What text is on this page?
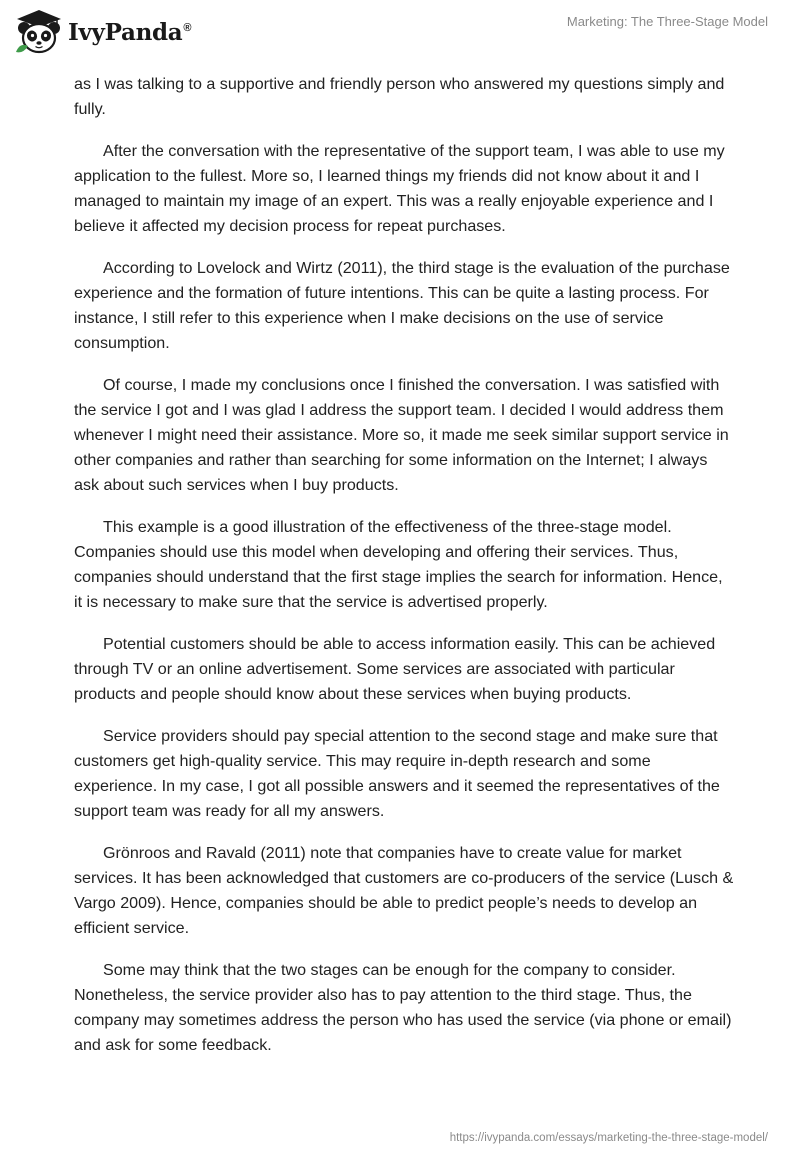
IvyPanda®	Marketing: The Three-Stage Model

as I was talking to a supportive and friendly person who answered my questions simply and fully.

After the conversation with the representative of the support team, I was able to use my application to the fullest. More so, I learned things my friends did not know about it and I managed to maintain my image of an expert. This was a really enjoyable experience and I believe it affected my decision process for repeat purchases.

According to Lovelock and Wirtz (2011), the third stage is the evaluation of the purchase experience and the formation of future intentions. This can be quite a lasting process. For instance, I still refer to this experience when I make decisions on the use of service consumption.

Of course, I made my conclusions once I finished the conversation. I was satisfied with the service I got and I was glad I address the support team. I decided I would address them whenever I might need their assistance. More so, it made me seek similar support service in other companies and rather than searching for some information on the Internet; I always ask about such services when I buy products.

This example is a good illustration of the effectiveness of the three-stage model. Companies should use this model when developing and offering their services. Thus, companies should understand that the first stage implies the search for information. Hence, it is necessary to make sure that the service is advertised properly.

Potential customers should be able to access information easily. This can be achieved through TV or an online advertisement. Some services are associated with particular products and people should know about these services when buying products.

Service providers should pay special attention to the second stage and make sure that customers get high-quality service. This may require in-depth research and some experience. In my case, I got all possible answers and it seemed the representatives of the support team was ready for all my answers.

Grönroos and Ravald (2011) note that companies have to create value for market services. It has been acknowledged that customers are co-producers of the service (Lusch & Vargo 2009). Hence, companies should be able to predict people’s needs to develop an efficient service.

Some may think that the two stages can be enough for the company to consider. Nonetheless, the service provider also has to pay attention to the third stage. Thus, the company may sometimes address the person who has used the service (via phone or email) and ask for some feedback.

https://ivypanda.com/essays/marketing-the-three-stage-model/
